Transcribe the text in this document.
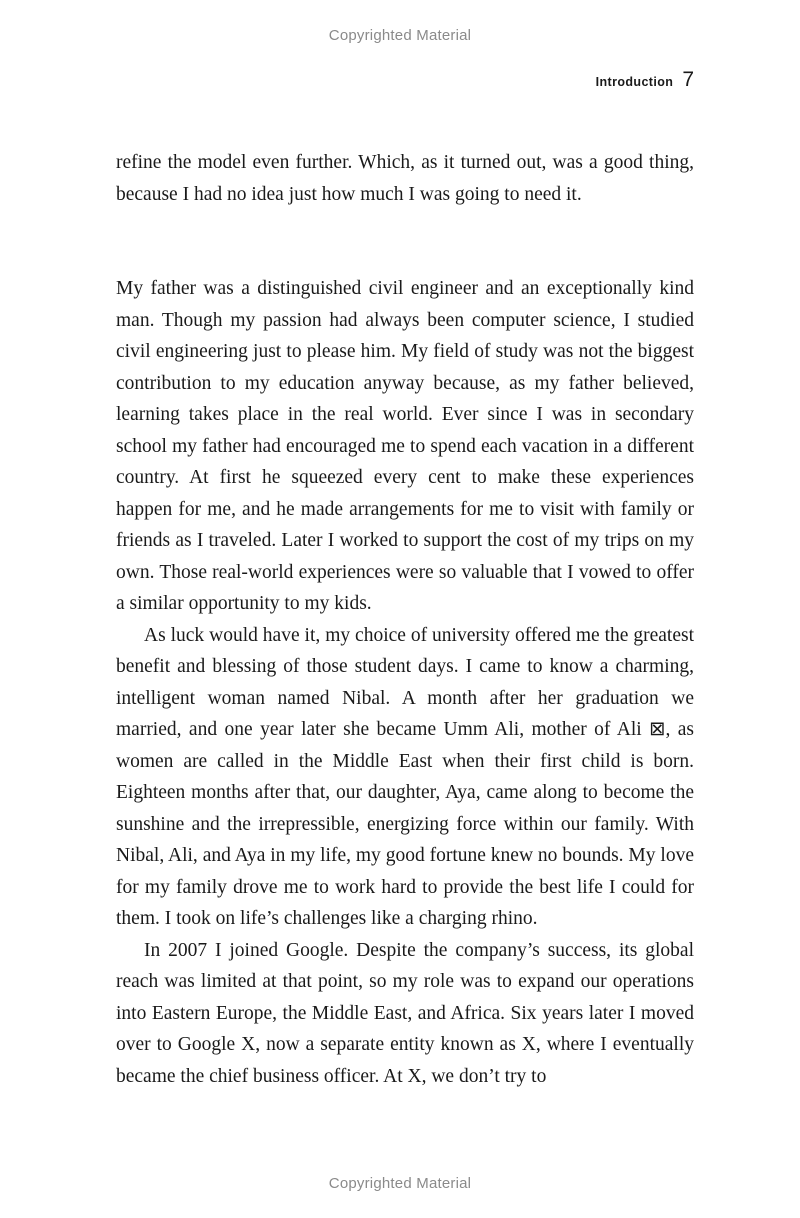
Copyrighted Material
Introduction 7

refine the model even further. Which, as it turned out, was a good thing, because I had no idea just how much I was going to need it.

My father was a distinguished civil engineer and an exceptionally kind man. Though my passion had always been computer science, I studied civil engineering just to please him. My field of study was not the biggest contribution to my education anyway because, as my father believed, learning takes place in the real world. Ever since I was in secondary school my father had encouraged me to spend each vacation in a different country. At first he squeezed every cent to make these experiences happen for me, and he made arrangements for me to visit with family or friends as I traveled. Later I worked to support the cost of my trips on my own. Those real-world experiences were so valuable that I vowed to offer a similar opportunity to my kids.

As luck would have it, my choice of university offered me the greatest benefit and blessing of those student days. I came to know a charming, intelligent woman named Nibal. A month after her graduation we married, and one year later she became Umm Ali, mother of Ali ⊠, as women are called in the Middle East when their first child is born. Eighteen months after that, our daughter, Aya, came along to become the sunshine and the irrepressible, energizing force within our family. With Nibal, Ali, and Aya in my life, my good fortune knew no bounds. My love for my family drove me to work hard to provide the best life I could for them. I took on life’s challenges like a charging rhino.

In 2007 I joined Google. Despite the company’s success, its global reach was limited at that point, so my role was to expand our operations into Eastern Europe, the Middle East, and Africa. Six years later I moved over to Google X, now a separate entity known as X, where I eventually became the chief business officer. At X, we don’t try to

Copyrighted Material
